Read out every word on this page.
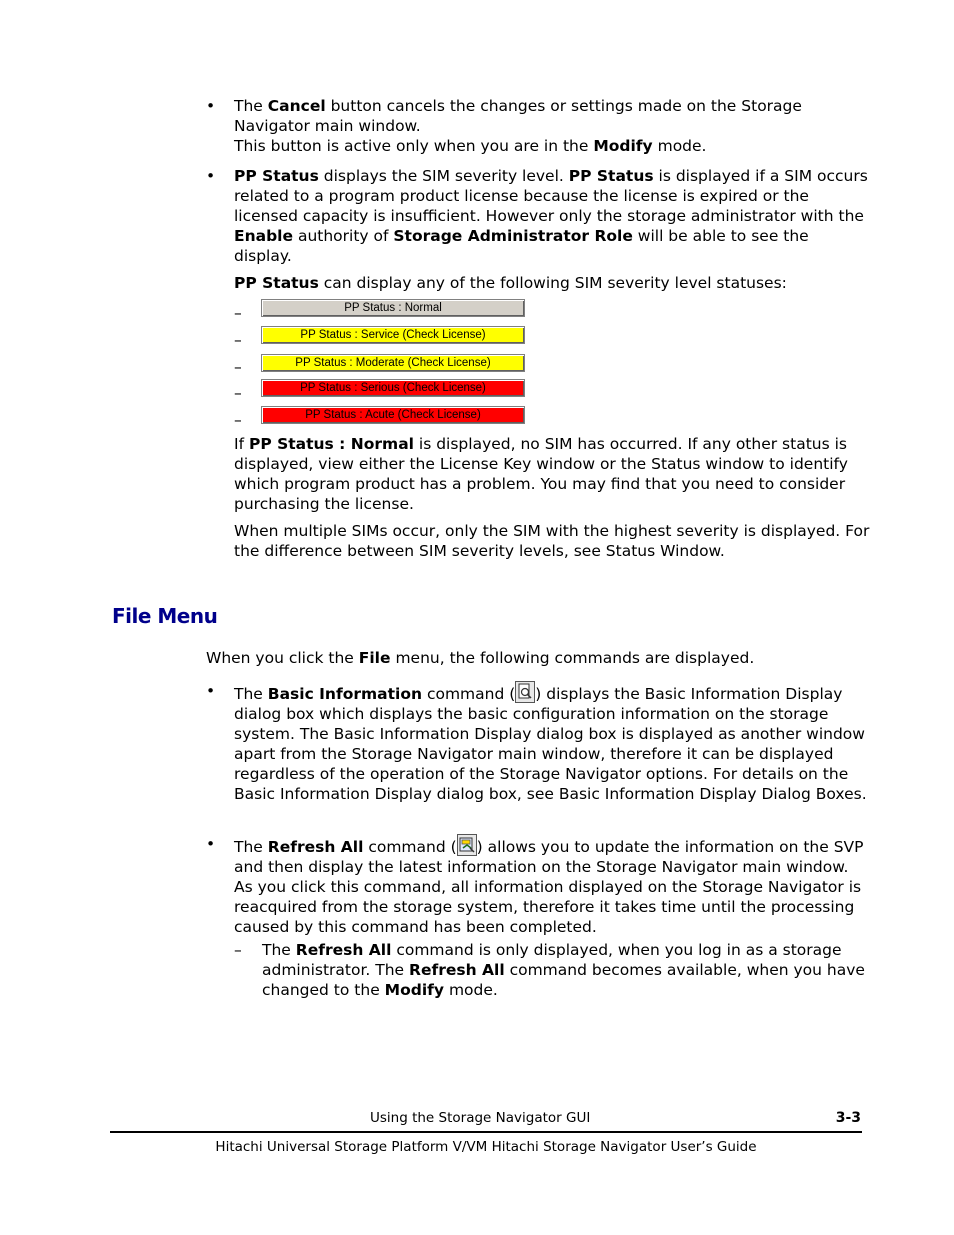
• The Cancel button cancels the changes or settings made on the Storage Navigator main window.
This button is active only when you are in the Modify mode.
• PP Status displays the SIM severity level. PP Status is displayed if a SIM occurs related to a program product license because the license is expired or the licensed capacity is insufficient. However only the storage administrator with the Enable authority of Storage Administrator Role will be able to see the display.
PP Status can display any of the following SIM severity level statuses:
–	PP Status : Normal
–	PP Status : Service (Check License)
–	PP Status : Moderate (Check License)
–	PP Status : Serious (Check License)
–	PP Status : Acute (Check License)
If PP Status : Normal is displayed, no SIM has occurred. If any other status is displayed, view either the License Key window or the Status window to identify which program product has a problem. You may find that you need to consider purchasing the license.
When multiple SIMs occur, only the SIM with the highest severity is displayed. For the difference between SIM severity levels, see Status Window.
File Menu
When you click the File menu, the following commands are displayed.
• The Basic Information command ( ) displays the Basic Information Display dialog box which displays the basic configuration information on the storage system. The Basic Information Display dialog box is displayed as another window apart from the Storage Navigator main window, therefore it can be displayed regardless of the operation of the Storage Navigator options. For details on the Basic Information Display dialog box, see Basic Information Display Dialog Boxes.
• The Refresh All command ( ) allows you to update the information on the SVP and then display the latest information on the Storage Navigator main window. As you click this command, all information displayed on the Storage Navigator is reacquired from the storage system, therefore it takes time until the processing caused by this command has been completed.
– The Refresh All command is only displayed, when you log in as a storage administrator. The Refresh All command becomes available, when you have changed to the Modify mode.
Using the Storage Navigator GUI	3-3
Hitachi Universal Storage Platform V/VM Hitachi Storage Navigator User’s Guide
